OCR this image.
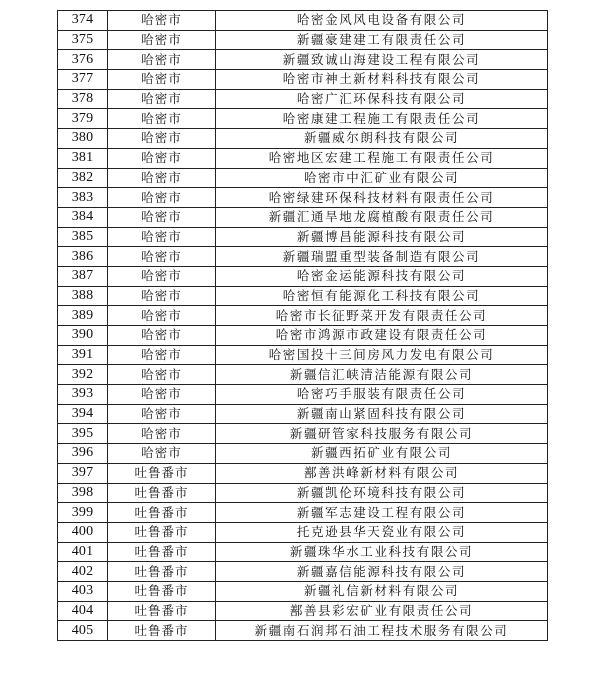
374	哈密市	哈密金风风电设备有限公司
375	哈密市	新疆豪建建工有限责任公司
376	哈密市	新疆致诚山海建设工程有限公司
377	哈密市	哈密市神土新材料科技有限公司
378	哈密市	哈密广汇环保科技有限公司
379	哈密市	哈密康建工程施工有限责任公司
380	哈密市	新疆威尔朗科技有限公司
381	哈密市	哈密地区宏建工程施工有限责任公司
382	哈密市	哈密市中汇矿业有限公司
383	哈密市	哈密绿建环保科技材料有限责任公司
384	哈密市	新疆汇通旱地龙腐植酸有限责任公司
385	哈密市	新疆博昌能源科技有限公司
386	哈密市	新疆瑞盟重型装备制造有限公司
387	哈密市	哈密金运能源科技有限公司
388	哈密市	哈密恒有能源化工科技有限公司
389	哈密市	哈密市长征野菜开发有限责任公司
390	哈密市	哈密市鸿源市政建设有限责任公司
391	哈密市	哈密国投十三间房风力发电有限公司
392	哈密市	新疆信汇峡清洁能源有限公司
393	哈密市	哈密巧手服装有限责任公司
394	哈密市	新疆南山紧固科技有限公司
395	哈密市	新疆研管家科技服务有限公司
396	哈密市	新疆西拓矿业有限公司
397	吐鲁番市	鄯善洪峰新材料有限公司
398	吐鲁番市	新疆凯伦环境科技有限公司
399	吐鲁番市	新疆军志建设工程有限公司
400	吐鲁番市	托克逊县华天瓷业有限公司
401	吐鲁番市	新疆珠华水工业科技有限公司
402	吐鲁番市	新疆嘉信能源科技有限公司
403	吐鲁番市	新疆礼信新材料有限公司
404	吐鲁番市	鄯善县彩宏矿业有限责任公司
405	吐鲁番市	新疆南石润邦石油工程技术服务有限公司
